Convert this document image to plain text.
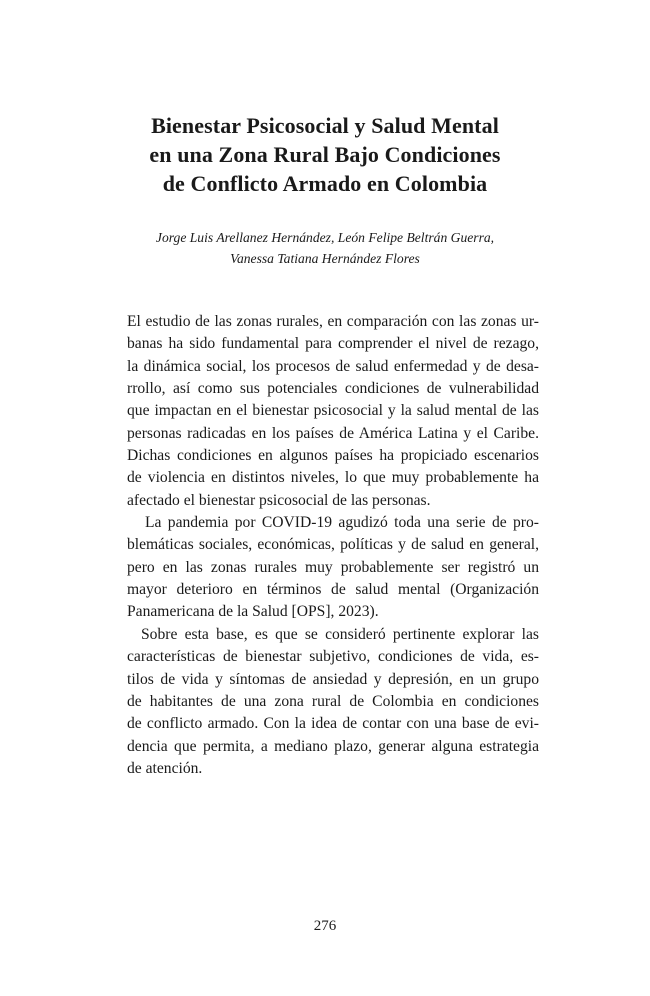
Bienestar Psicosocial y Salud Mental
en una Zona Rural Bajo Condiciones
de Conflicto Armado en Colombia
Jorge Luis Arellanez Hernández, León Felipe Beltrán Guerra,
Vanessa Tatiana Hernández Flores
El estudio de las zonas rurales, en comparación con las zonas ur-
banas ha sido fundamental para comprender el nivel de rezago,
la dinámica social, los procesos de salud enfermedad y de desa-
rrollo, así como sus potenciales condiciones de vulnerabilidad
que impactan en el bienestar psicosocial y la salud mental de las
personas radicadas en los países de América Latina y el Caribe.
Dichas condiciones en algunos países ha propiciado escenarios
de violencia en distintos niveles, lo que muy probablemente ha
afectado el bienestar psicosocial de las personas.
La pandemia por COVID-19 agudizó toda una serie de pro-
blemáticas sociales, económicas, políticas y de salud en general,
pero en las zonas rurales muy probablemente ser registró un
mayor deterioro en términos de salud mental (Organización
Panamericana de la Salud [OPS], 2023).
Sobre esta base, es que se consideró pertinente explorar las
características de bienestar subjetivo, condiciones de vida, es-
tilos de vida y síntomas de ansiedad y depresión, en un grupo
de habitantes de una zona rural de Colombia en condiciones
de conflicto armado. Con la idea de contar con una base de evi-
dencia que permita, a mediano plazo, generar alguna estrategia
de atención.
276
